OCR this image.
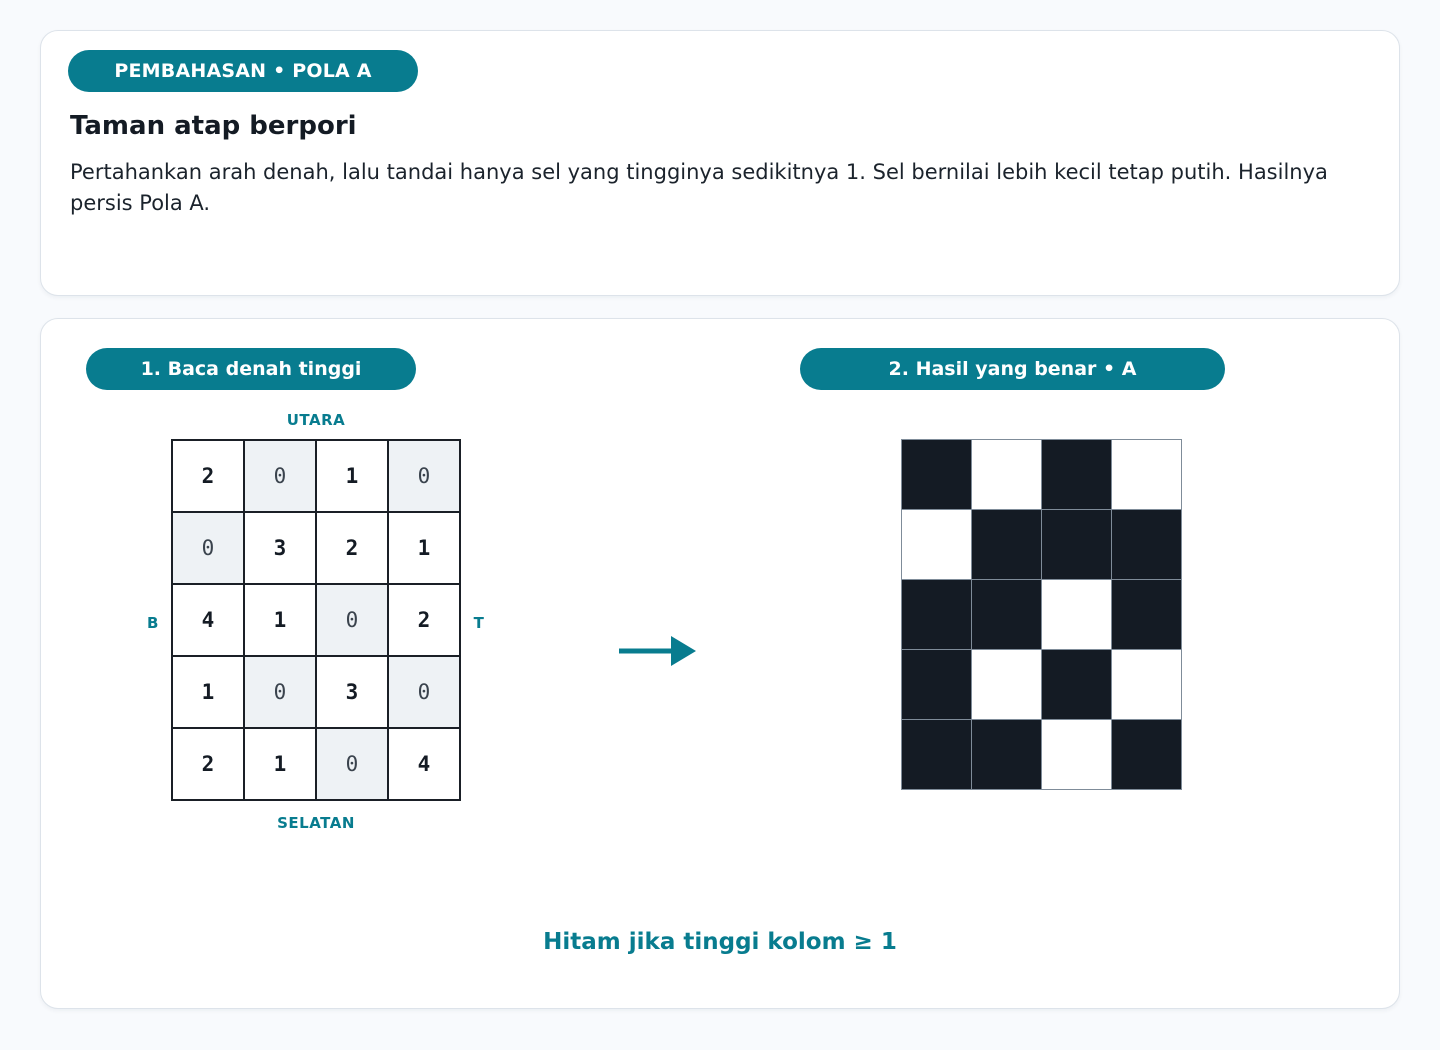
PEMBAHASAN • POLA A
Taman atap berpori

Pertahankan arah denah, lalu tandai hanya sel yang tingginya sedikitnya 1. Sel bernilai lebih kecil tetap putih. Hasilnya persis Pola A.

1. Baca denah tinggi	2. Hasil yang benar • A
UTARA
SELATAN
B	T
2	0	1	0
0	3	2	1
4	1	0	2
1	0	3	0
2	1	0	4

Hitam jika tinggi kolom ≥ 1
